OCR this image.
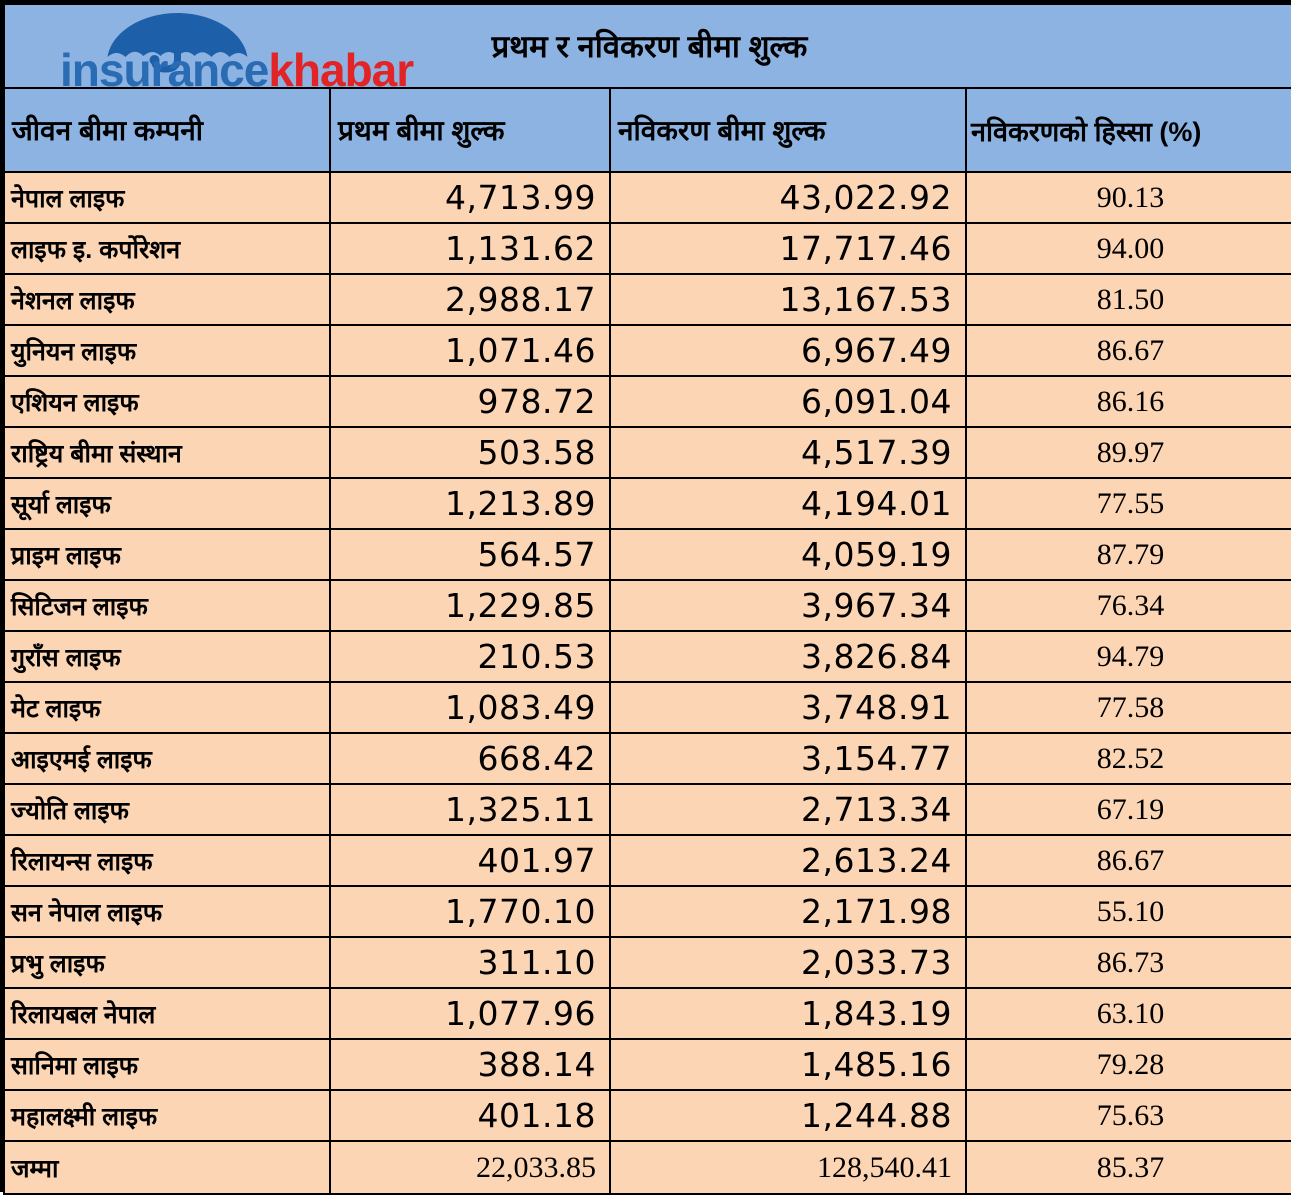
insurancekhabar प्रथम र नविकरण बीमा शुल्क			

जीवन बीमा कम्पनी	प्रथम बीमा शुल्क	नविकरण बीमा शुल्क	नविकरणको हिस्सा (%)
नेपाल लाइफ	4,713.99	43,022.92	90.13
लाइफ इ. कर्पोरेशन	1,131.62	17,717.46	94.00
नेशनल लाइफ	2,988.17	13,167.53	81.50
युनियन लाइफ	1,071.46	6,967.49	86.67
एशियन लाइफ	978.72	6,091.04	86.16
राष्ट्रिय बीमा संस्थान	503.58	4,517.39	89.97
सूर्या लाइफ	1,213.89	4,194.01	77.55
प्राइम लाइफ	564.57	4,059.19	87.79
सिटिजन लाइफ	1,229.85	3,967.34	76.34
गुराँस लाइफ	210.53	3,826.84	94.79
मेट लाइफ	1,083.49	3,748.91	77.58
आइएमई लाइफ	668.42	3,154.77	82.52
ज्योति लाइफ	1,325.11	2,713.34	67.19
रिलायन्स लाइफ	401.97	2,613.24	86.67
सन नेपाल लाइफ	1,770.10	2,171.98	55.10
प्रभु लाइफ	311.10	2,033.73	86.73
रिलायबल नेपाल	1,077.96	1,843.19	63.10
सानिमा लाइफ	388.14	1,485.16	79.28
महालक्ष्मी लाइफ	401.18	1,244.88	75.63
जम्मा	22,033.85	128,540.41	85.37
